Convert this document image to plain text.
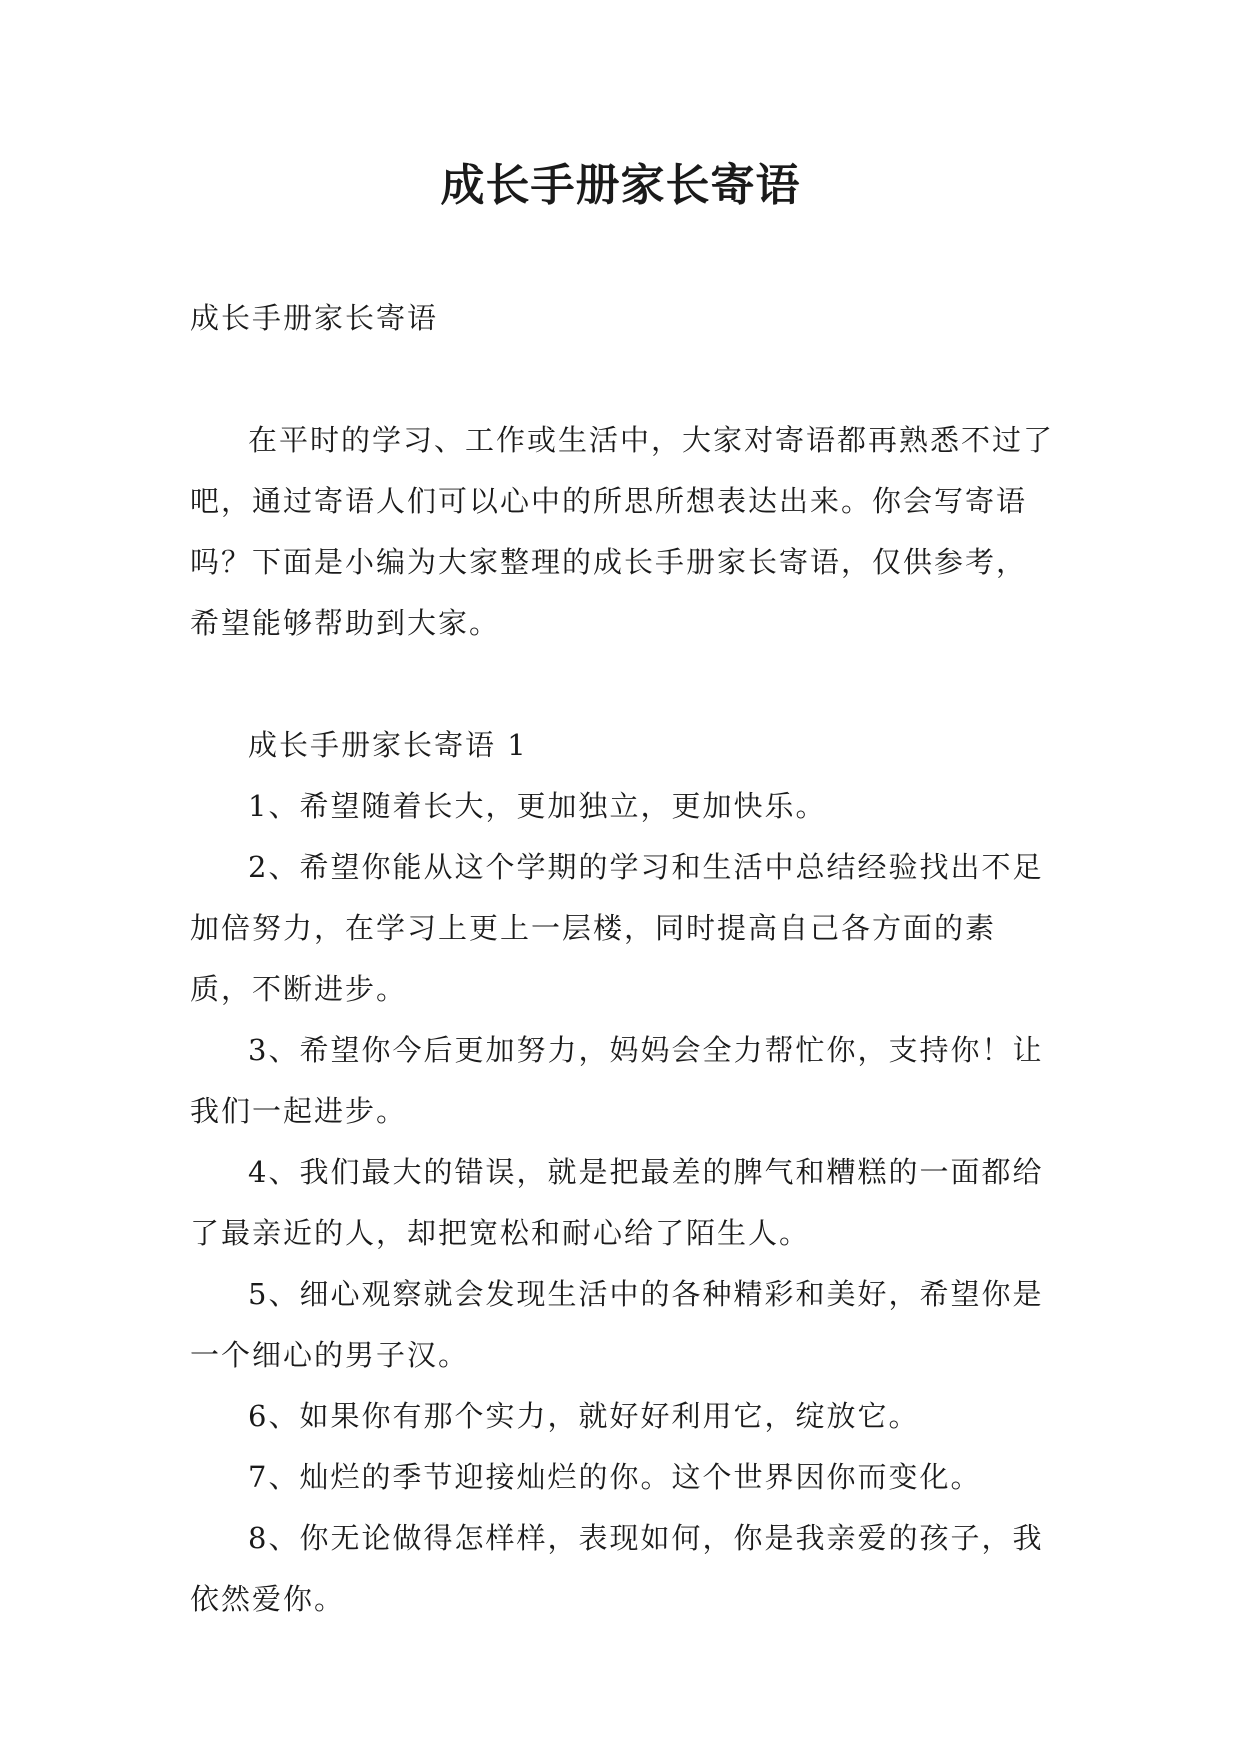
成长手册家长寄语

成长手册家长寄语

在平时的学习、工作或生活中，大家对寄语都再熟悉不过了吧，通过寄语人们可以心中的所思所想表达出来。你会写寄语吗？下面是小编为大家整理的成长手册家长寄语，仅供参考，希望能够帮助到大家。

成长手册家长寄语 1

1、希望随着长大，更加独立，更加快乐。

2、希望你能从这个学期的学习和生活中总结经验找出不足加倍努力，在学习上更上一层楼，同时提高自己各方面的素质，不断进步。

3、希望你今后更加努力，妈妈会全力帮忙你，支持你！让我们一起进步。

4、我们最大的错误，就是把最差的脾气和糟糕的一面都给了最亲近的人，却把宽松和耐心给了陌生人。

5、细心观察就会发现生活中的各种精彩和美好，希望你是一个细心的男子汉。

6、如果你有那个实力，就好好利用它，绽放它。

7、灿烂的季节迎接灿烂的你。这个世界因你而变化。

8、你无论做得怎样样，表现如何，你是我亲爱的孩子，我依然爱你。
